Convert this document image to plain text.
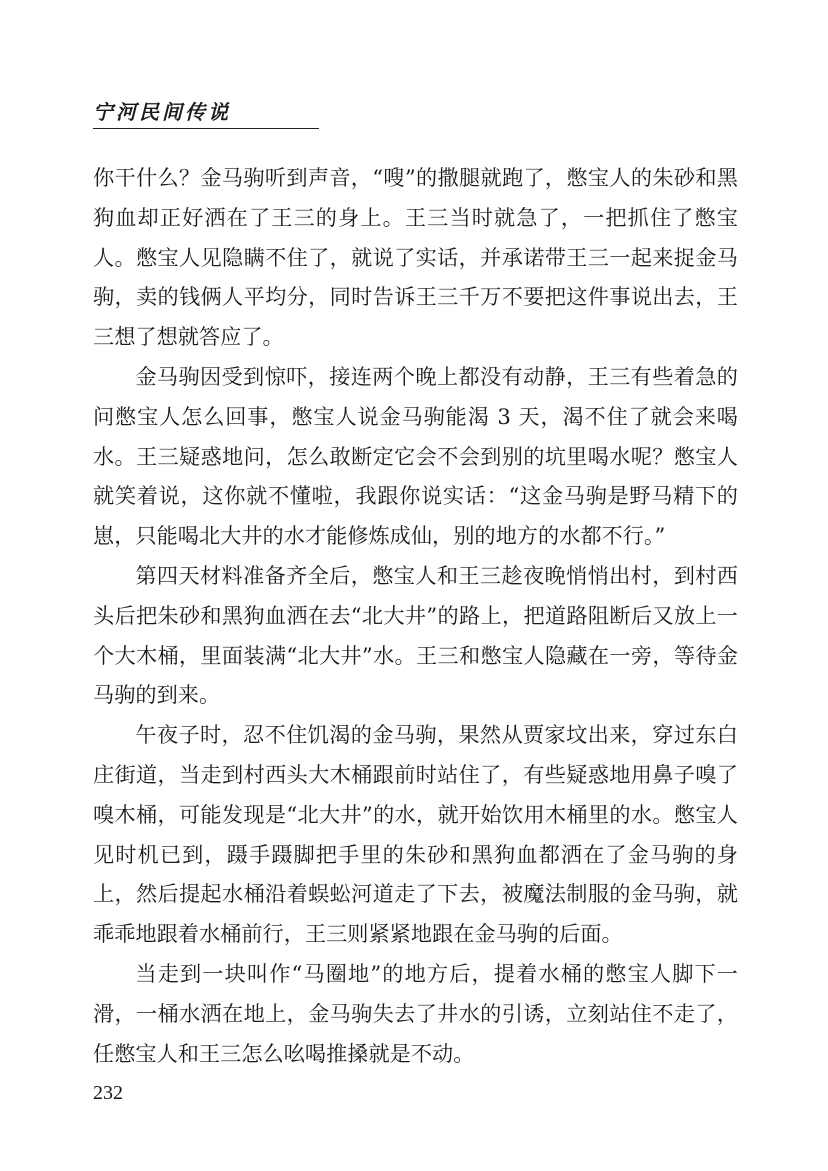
宁河民间传说

你干什么？金马驹听到声音，“嗖”的撒腿就跑了，憋宝人的朱砂和黑狗血却正好洒在了王三的身上。王三当时就急了，一把抓住了憋宝人。憋宝人见隐瞒不住了，就说了实话，并承诺带王三一起来捉金马驹，卖的钱俩人平均分，同时告诉王三千万不要把这件事说出去，王三想了想就答应了。

金马驹因受到惊吓，接连两个晚上都没有动静，王三有些着急的问憋宝人怎么回事，憋宝人说金马驹能渴 3 天，渴不住了就会来喝水。王三疑惑地问，怎么敢断定它会不会到别的坑里喝水呢？憋宝人就笑着说，这你就不懂啦，我跟你说实话：“这金马驹是野马精下的崽，只能喝北大井的水才能修炼成仙，别的地方的水都不行。”

第四天材料准备齐全后，憋宝人和王三趁夜晚悄悄出村，到村西头后把朱砂和黑狗血洒在去“北大井”的路上，把道路阻断后又放上一个大木桶，里面装满“北大井”水。王三和憋宝人隐藏在一旁，等待金马驹的到来。

午夜子时，忍不住饥渴的金马驹，果然从贾家坟出来，穿过东白庄街道，当走到村西头大木桶跟前时站住了，有些疑惑地用鼻子嗅了嗅木桶，可能发现是“北大井”的水，就开始饮用木桶里的水。憋宝人见时机已到，蹑手蹑脚把手里的朱砂和黑狗血都洒在了金马驹的身上，然后提起水桶沿着蜈蚣河道走了下去，被魔法制服的金马驹，就乖乖地跟着水桶前行，王三则紧紧地跟在金马驹的后面。

当走到一块叫作“马圈地”的地方后，提着水桶的憋宝人脚下一滑，一桶水洒在地上，金马驹失去了井水的引诱，立刻站住不走了，任憋宝人和王三怎么吆喝推搡就是不动。

232
